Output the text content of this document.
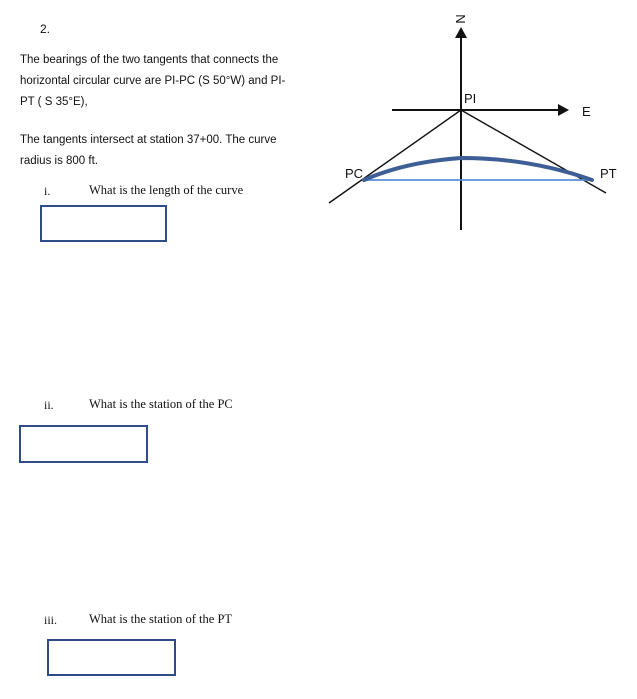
2.
The bearings of the two tangents that connects the
horizontal circular curve are PI-PC (S 50°W) and PI-
PT ( S 35°E),
The tangents intersect at station 37+00. The curve
radius is 800 ft.
i.	What is the length of the curve
ii.	What is the station of the PC
iii.	What is the station of the PT
N
E
PI
PC	PT
